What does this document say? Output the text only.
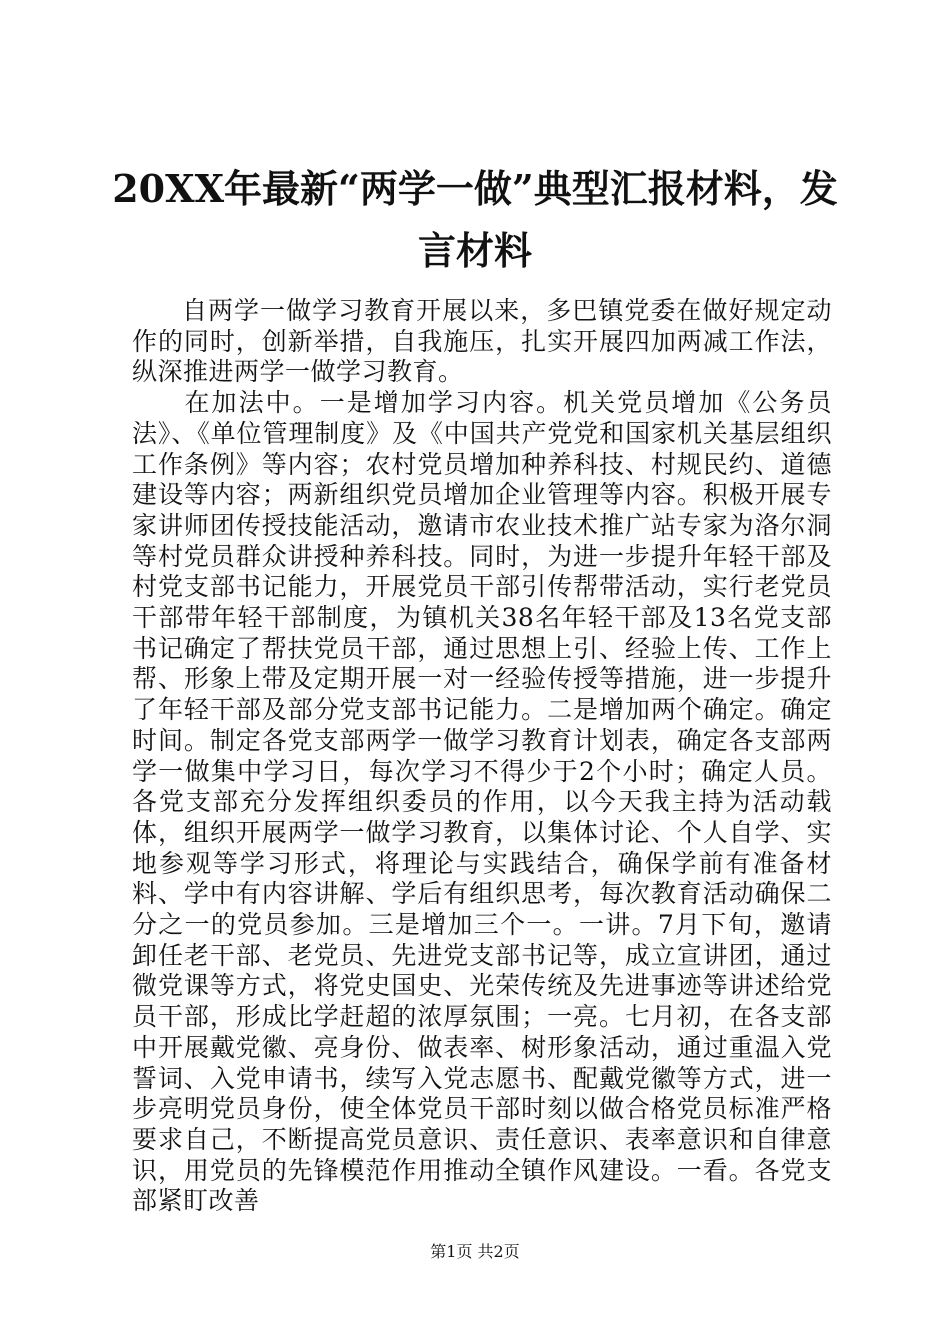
20XX年最新“两学一做”典型汇报材料，发言材料

自两学一做学习教育开展以来，多巴镇党委在做好规定动作的同时，创新举措，自我施压，扎实开展四加两减工作法，纵深推进两学一做学习教育。

在加法中。一是增加学习内容。机关党员增加《公务员法》、《单位管理制度》及《中国共产党党和国家机关基层组织工作条例》等内容；农村党员增加种养科技、村规民约、道德建设等内容；两新组织党员增加企业管理等内容。积极开展专家讲师团传授技能活动，邀请市农业技术推广站专家为洛尔洞等村党员群众讲授种养科技。同时，为进一步提升年轻干部及村党支部书记能力，开展党员干部引传帮带活动，实行老党员干部带年轻干部制度，为镇机关38名年轻干部及13名党支部书记确定了帮扶党员干部，通过思想上引、经验上传、工作上帮、形象上带及定期开展一对一经验传授等措施，进一步提升了年轻干部及部分党支部书记能力。二是增加两个确定。确定时间。制定各党支部两学一做学习教育计划表，确定各支部两学一做集中学习日，每次学习不得少于2个小时；确定人员。各党支部充分发挥组织委员的作用，以今天我主持为活动载体，组织开展两学一做学习教育，以集体讨论、个人自学、实地参观等学习形式，将理论与实践结合，确保学前有准备材料、学中有内容讲解、学后有组织思考，每次教育活动确保二分之一的党员参加。三是增加三个一。一讲。7月下旬，邀请卸任老干部、老党员、先进党支部书记等，成立宣讲团，通过微党课等方式，将党史国史、光荣传统及先进事迹等讲述给党员干部，形成比学赶超的浓厚氛围；一亮。七月初，在各支部中开展戴党徽、亮身份、做表率、树形象活动，通过重温入党誓词、入党申请书，续写入党志愿书、配戴党徽等方式，进一步亮明党员身份，使全体党员干部时刻以做合格党员标准严格要求自己，不断提高党员意识、责任意识、表率意识和自律意识，用党员的先锋模范作用推动全镇作风建设。一看。各党支部紧盯改善

第1页 共2页
